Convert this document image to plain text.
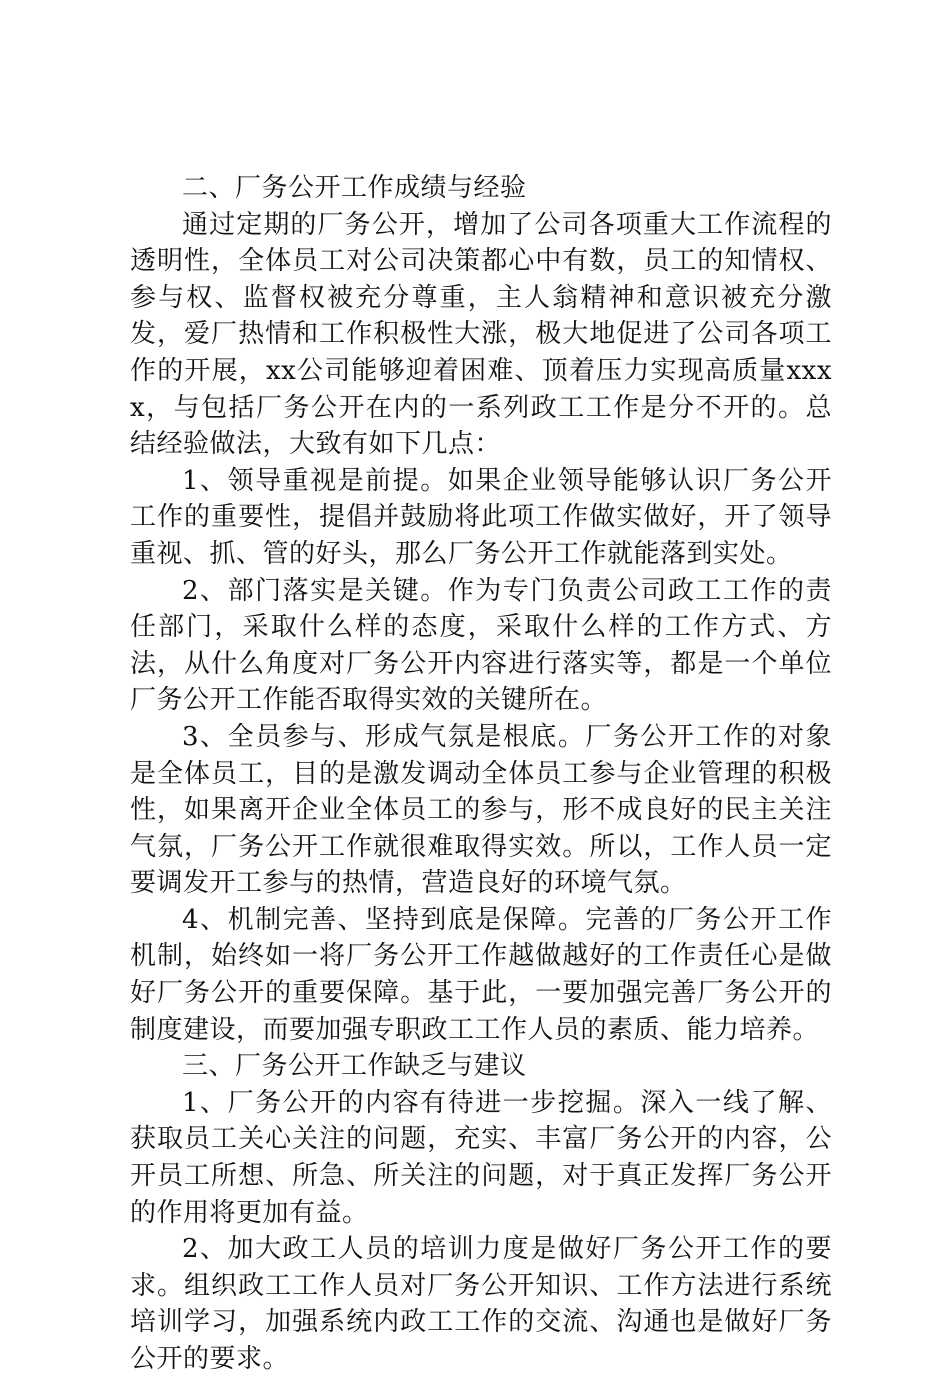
二、厂务公开工作成绩与经验

通过定期的厂务公开，增加了公司各项重大工作流程的透明性，全体员工对公司决策都心中有数，员工的知情权、参与权、监督权被充分尊重，主人翁精神和意识被充分激发，爱厂热情和工作积极性大涨，极大地促进了公司各项工作的开展，xx公司能够迎着困难、顶着压力实现高质量xxxx，与包括厂务公开在内的一系列政工工作是分不开的。总结经验做法，大致有如下几点：

1、领导重视是前提。如果企业领导能够认识厂务公开工作的重要性，提倡并鼓励将此项工作做实做好，开了领导重视、抓、管的好头，那么厂务公开工作就能落到实处。

2、部门落实是关键。作为专门负责公司政工工作的责任部门，采取什么样的态度，采取什么样的工作方式、方法，从什么角度对厂务公开内容进行落实等，都是一个单位厂务公开工作能否取得实效的关键所在。

3、全员参与、形成气氛是根底。厂务公开工作的对象是全体员工，目的是激发调动全体员工参与企业管理的积极性，如果离开企业全体员工的参与，形不成良好的民主关注气氛，厂务公开工作就很难取得实效。所以，工作人员一定要调发开工参与的热情，营造良好的环境气氛。

4、机制完善、坚持到底是保障。完善的厂务公开工作机制，始终如一将厂务公开工作越做越好的工作责任心是做好厂务公开的重要保障。基于此，一要加强完善厂务公开的制度建设，而要加强专职政工工作人员的素质、能力培养。

三、厂务公开工作缺乏与建议

1、厂务公开的内容有待进一步挖掘。深入一线了解、获取员工关心关注的问题，充实、丰富厂务公开的内容，公开员工所想、所急、所关注的问题，对于真正发挥厂务公开的作用将更加有益。

2、加大政工人员的培训力度是做好厂务公开工作的要求。组织政工工作人员对厂务公开知识、工作方法进行系统培训学习，加强系统内政工工作的交流、沟通也是做好厂务公开的要求。
